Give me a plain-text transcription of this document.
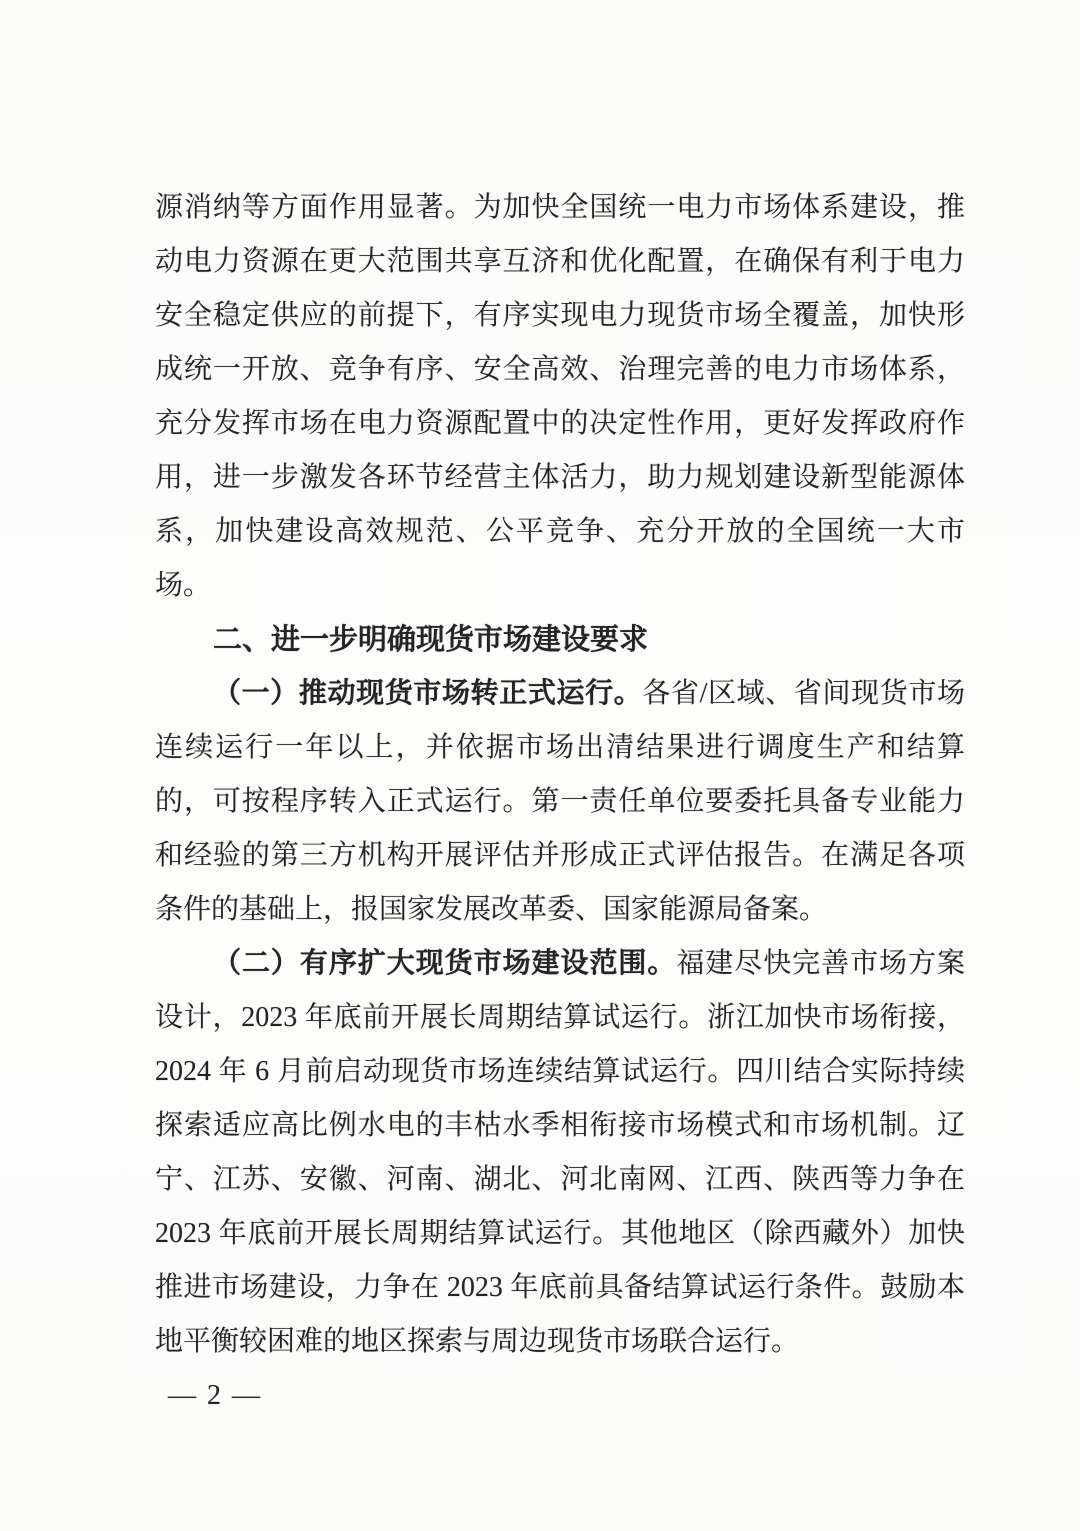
源消纳等方面作用显著。为加快全国统一电力市场体系建设，推
动电力资源在更大范围共享互济和优化配置，在确保有利于电力
安全稳定供应的前提下，有序实现电力现货市场全覆盖，加快形
成统一开放、竞争有序、安全高效、治理完善的电力市场体系，
充分发挥市场在电力资源配置中的决定性作用，更好发挥政府作
用，进一步激发各环节经营主体活力，助力规划建设新型能源体
系，加快建设高效规范、公平竞争、充分开放的全国统一大市
场。
二、进一步明确现货市场建设要求
（一）推动现货市场转正式运行。各省/区域、省间现货市场
连续运行一年以上，并依据市场出清结果进行调度生产和结算
的，可按程序转入正式运行。第一责任单位要委托具备专业能力
和经验的第三方机构开展评估并形成正式评估报告。在满足各项
条件的基础上，报国家发展改革委、国家能源局备案。
（二）有序扩大现货市场建设范围。福建尽快完善市场方案
设计，2023 年底前开展长周期结算试运行。浙江加快市场衔接，
2024 年 6 月前启动现货市场连续结算试运行。四川结合实际持续
探索适应高比例水电的丰枯水季相衔接市场模式和市场机制。辽
宁、江苏、安徽、河南、湖北、河北南网、江西、陕西等力争在
2023 年底前开展长周期结算试运行。其他地区（除西藏外）加快
推进市场建设，力争在 2023 年底前具备结算试运行条件。鼓励本
地平衡较困难的地区探索与周边现货市场联合运行。
— 2 —
